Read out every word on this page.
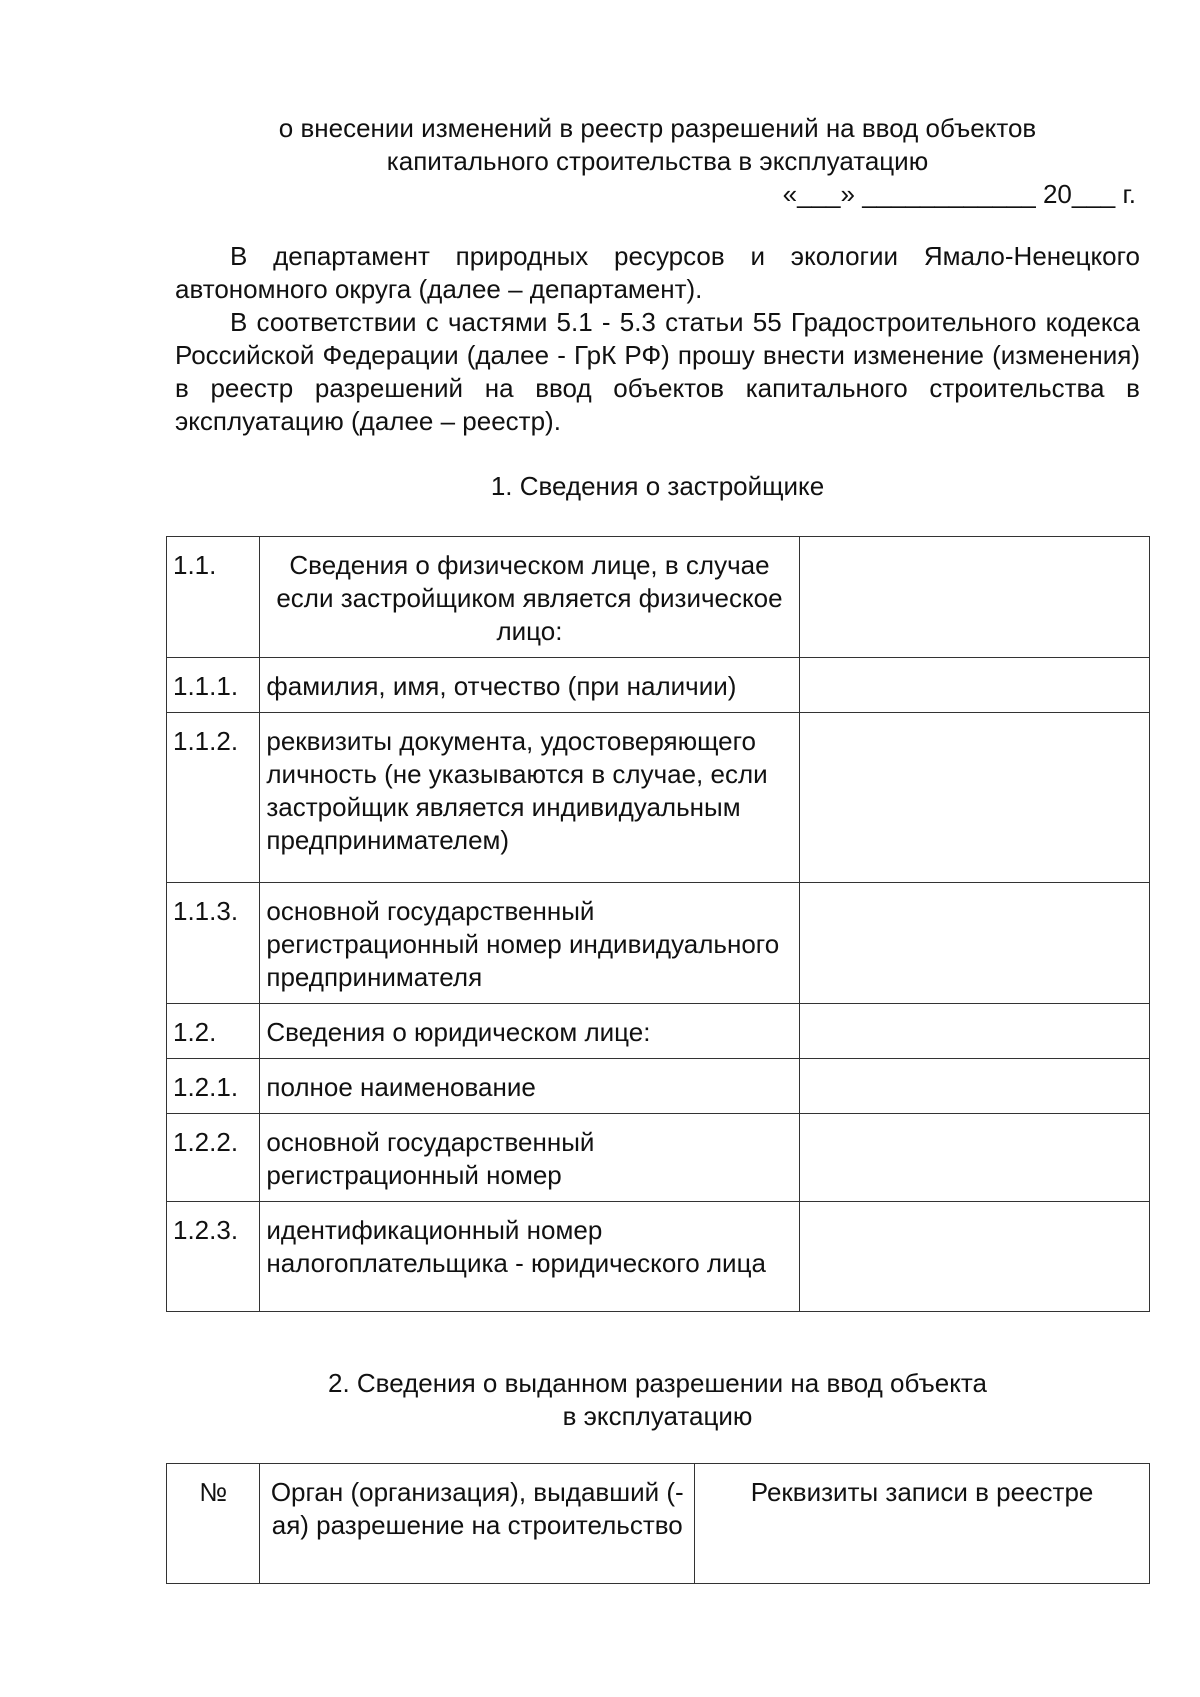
о внесении изменений в реестр разрешений на ввод объектов
капитального строительства в эксплуатацию
«___» ____________ 20___ г.
В департамент природных ресурсов и экологии Ямало-Ненецкого автономного округа (далее – департамент).
В соответствии с частями 5.1 - 5.3 статьи 55 Градостроительного кодекса Российской Федерации (далее - ГрК РФ) прошу внести изменение (изменения) в реестр разрешений на ввод объектов капитального строительства в эксплуатацию (далее – реестр).
1. Сведения о застройщике
1.1.	Сведения о физическом лице, в случае если застройщиком является физическое лицо:	
1.1.1.	фамилия, имя, отчество (при наличии)	
1.1.2.	реквизиты документа, удостоверяющего личность (не указываются в случае, если застройщик является индивидуальным предпринимателем)	
1.1.3.	основной государственный регистрационный номер индивидуального предпринимателя	
1.2.	Сведения о юридическом лице:	
1.2.1.	полное наименование	
1.2.2.	основной государственный регистрационный номер	
1.2.3.	идентификационный номер налогоплательщика - юридического лица	
2. Сведения о выданном разрешении на ввод объекта
в эксплуатацию
№	Орган (организация), выдавший (-ая) разрешение на строительство	Реквизиты записи в реестре
